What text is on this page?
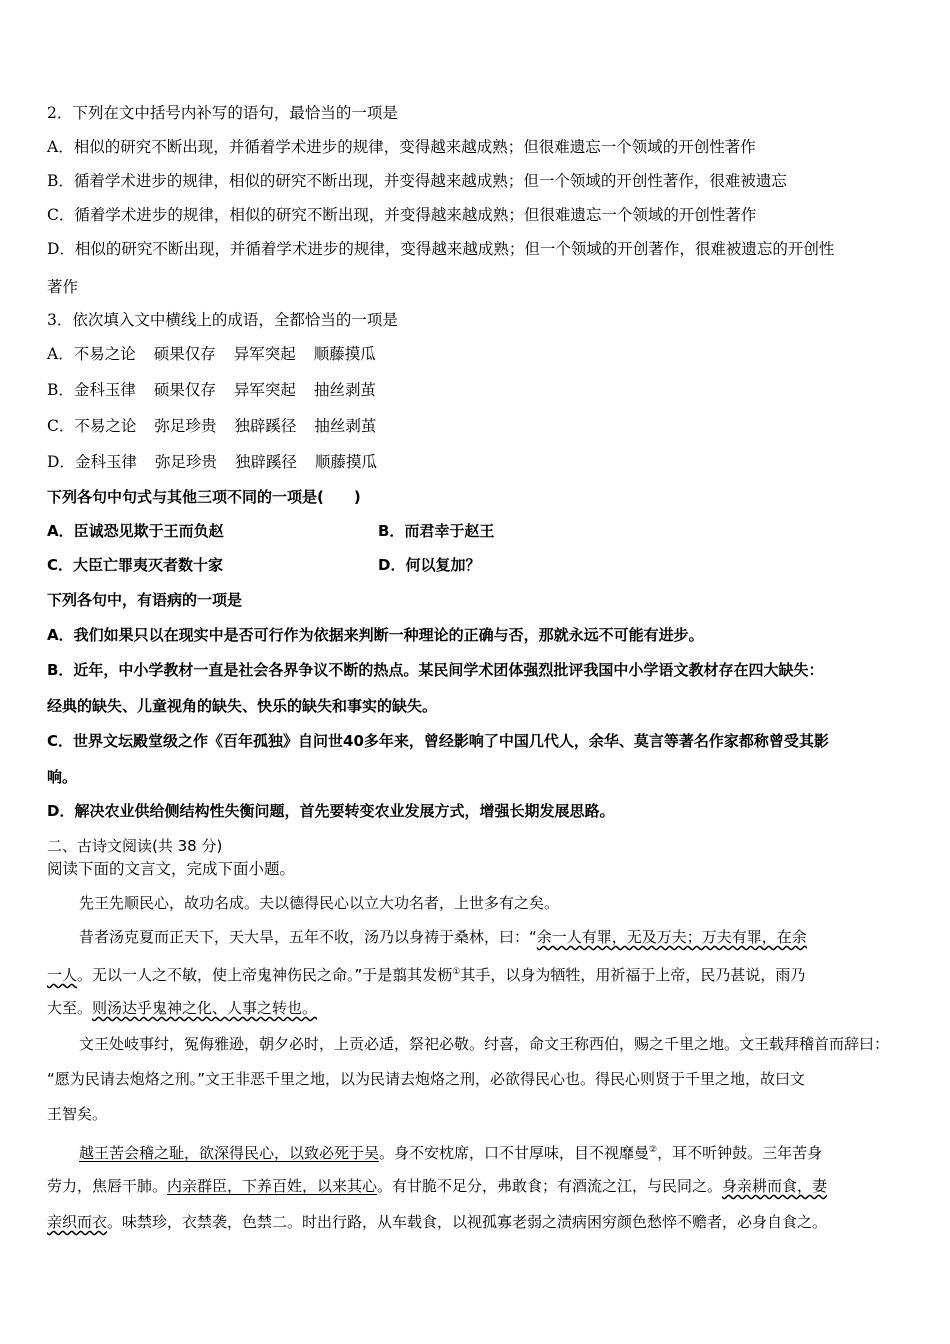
2．下列在文中括号内补写的语句，最恰当的一项是
A．相似的研究不断出现，并循着学术进步的规律，变得越来越成熟；但很难遗忘一个领域的开创性著作
B．循着学术进步的规律，相似的研究不断出现，并变得越来越成熟；但一个领域的开创性著作，很难被遗忘
C．循着学术进步的规律，相似的研究不断出现，并变得越来越成熟；但很难遗忘一个领域的开创性著作
D．相似的研究不断出现，并循着学术进步的规律，变得越来越成熟；但一个领域的开创著作，很难被遗忘的开创性
著作
3．依次填入文中横线上的成语，全都恰当的一项是
A．不易之论 硕果仅存 异军突起 顺藤摸瓜
B．金科玉律 硕果仅存 异军突起 抽丝剥茧
C．不易之论 弥足珍贵 独辟蹊径 抽丝剥茧
D．金科玉律 弥足珍贵 独辟蹊径 顺藤摸瓜
下列各句中句式与其他三项不同的一项是(　　)
A．臣诚恐见欺于王而负赵	B．而君幸于赵王
C．大臣亡罪夷灭者数十家	D．何以复加？
下列各句中，有语病的一项是
A．我们如果只以在现实中是否可行作为依据来判断一种理论的正确与否，那就永远不可能有进步。
B．近年，中小学教材一直是社会各界争议不断的热点。某民间学术团体强烈批评我国中小学语文教材存在四大缺失：
经典的缺失、儿童视角的缺失、快乐的缺失和事实的缺失。
C．世界文坛殿堂级之作《百年孤独》自问世40多年来，曾经影响了中国几代人，余华、莫言等著名作家都称曾受其影
响。
D．解决农业供给侧结构性失衡问题，首先要转变农业发展方式，增强长期发展思路。
二、古诗文阅读(共 38 分)
阅读下面的文言文，完成下面小题。
先王先顺民心，故功名成。夫以德得民心以立大功名者，上世多有之矣。
昔者汤克夏而正天下，天大旱，五年不收，汤乃以身祷于桑林，曰：“余一人有罪，无及万夫；万夫有罪，在余
一人。无以一人之不敏，使上帝鬼神伤民之命。”于是翦其发枥①其手，以身为牺牲，用祈福于上帝，民乃甚说，雨乃
大至。则汤达乎鬼神之化、人事之转也。
文王处岐事纣，冤侮雅逊，朝夕必时，上贡必适，祭祀必敬。纣喜，命文王称西伯，赐之千里之地。文王载拜稽首而辞曰：
“愿为民请去炮烙之刑。”文王非恶千里之地，以为民请去炮烙之刑，必欲得民心也。得民心则贤于千里之地，故曰文
王智矣。
越王苦会稽之耻，欲深得民心，以致必死于吴。身不安枕席，口不甘厚味，目不视靡曼②，耳不听钟鼓。三年苦身
劳力，焦唇干肺。内亲群臣，下养百姓，以来其心。有甘脆不足分，弗敢食；有酒流之江，与民同之。身亲耕而食，妻
亲织而衣。味禁珍，衣禁袭，色禁二。时出行路，从车载食，以视孤寡老弱之渍病困穷颜色愁悴不赡者，必身自食之。
